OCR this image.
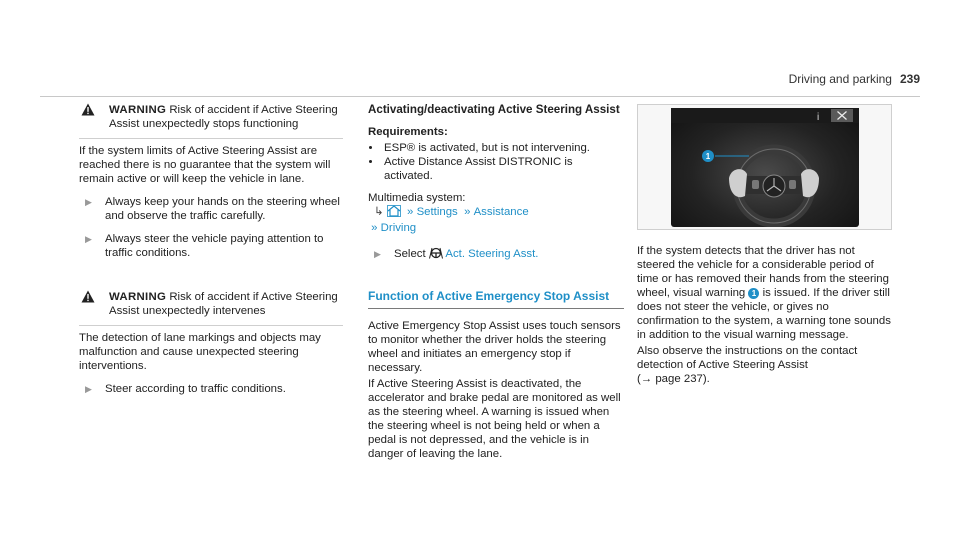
Driving and parking 239
WARNING Risk of accident if Active Steering Assist unexpectedly stops functioning

If the system limits of Active Steering Assist are reached there is no guarantee that the system will remain active or will keep the vehicle in lane.

▶ Always keep your hands on the steering wheel and observe the traffic carefully.
▶ Always steer the vehicle paying attention to traffic conditions.
WARNING Risk of accident if Active Steering Assist unexpectedly intervenes

The detection of lane markings and objects may malfunction and cause unexpected steering interventions.

▶ Steer according to traffic conditions.
Activating/deactivating Active Steering Assist
Requirements:
• ESP® is activated, but is not intervening.
• Active Distance Assist DISTRONIC is activated.

Multimedia system:

↳   » Settings  » Assistance
» Driving
▶ Select Act. Steering Asst.
Function of Active Emergency Stop Assist

Active Emergency Stop Assist uses touch sensors to monitor whether the driver holds the steering wheel and initiates an emergency stop if necessary.

If Active Steering Assist is deactivated, the accelerator and brake pedal are monitored as well as the steering wheel. A warning is issued when the steering wheel is not being held or when a pedal is not depressed, and the vehicle is in danger of leaving the lane.

i
1

If the system detects that the driver has not steered the vehicle for a considerable period of time or has removed their hands from the steering wheel, visual warning 1 is issued. If the driver still does not steer the vehicle, or gives no confirmation to the system, a warning tone sounds in addition to the visual warning message.

Also observe the instructions on the contact detection of Active Steering Assist
(→ page 237).
